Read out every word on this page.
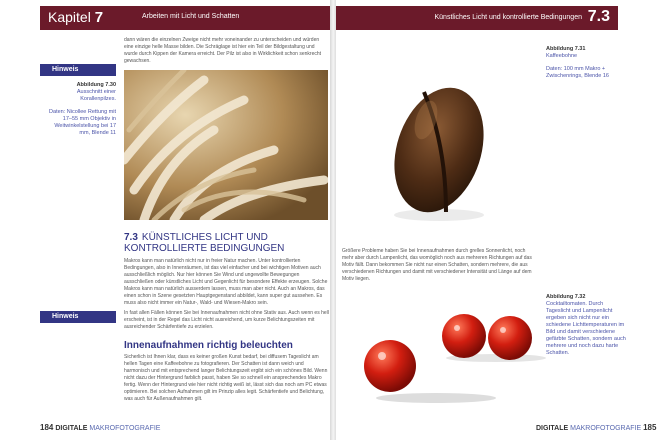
Kapitel 7	Arbeiten mit Licht und Schatten
dann wären die einzelnen Zweige nicht mehr voneinander zu unterscheiden und würden eine einzige helle Masse bilden. Die Schräglage ist hier ein Teil der Bildgestaltung und wurde durch Kippen der Kamera erreicht. Der Pilz ist also in Wirklichkeit schon senkrecht gewachsen.
Hinweis
Abbildung 7.30
Ausschnitt einer Korallenpilzes.
Daten: Nicollee Rettung mit 17–55 mm Objektiv in Weitwinkelstellung bei 17 mm, Blende 11
7.3 KÜNSTLICHES LICHT UND KONTROLLIERTE BEDINGUNGEN
Makros kann man natürlich nicht nur in freier Natur machen. Unter kontrollierten Bedingungen, also in Innenräumen, ist das viel einfacher und bei wichtigen Motiven auch ausschließlich möglich. Nur hier können Sie Wind und ungewollte Bewegungen ausschließen oder künstliches Licht und Gegenlicht für besondere Effekte erzeugen. Solche Makros kann man natürlich ausserdem lassen, muss man aber nicht. Auch an Makros, das einen schon in Szene gesetzten Hauptgegenstand abbildet, kann super gut aussehen. Es muss also nicht immer ein Natur-, Wald- und Wiesen-Makro sein.
Hinweis	In fast allen Fällen können Sie bei Innenaufnahmen nicht ohne Stativ aus. Auch wenn es hell erscheint, ist in der Regel das Licht nicht ausreichend, um kurze Belichtungszeiten mit ausreichender Schärfentiefe zu erzielen.
Innenaufnahmen richtig beleuchten
Sicherlich ist Ihnen klar, dass es keiner großen Kunst bedarf, bei diffusem Tageslicht am hellen Tagen eine Kaffeebohne zu fotografieren. Der Schatten ist dann weich und harmonisch und mit entsprechend langer Belichtungszeit ergibt sich ein schönes Bild. Wenn nicht dazu der Hintergrund farblich passt, haben Sie so schnell ein ansprechendes Makro fertig. Wenn der Hintergrund wie hier nicht richtig weiß ist, lässt sich das noch am PC etwas optimieren. Bei solchen Aufnahmen gilt im Prinzip alles legit. Schärfentiefe und Belichtung, was auch für Außenaufnahmen gilt.
184 DIGITALE MAKROFOTOGRAFIE
Künstliches Licht und kontrollierte Bedingungen 7.3
Abbildung 7.31
Kaffeebohne
Daten: 100 mm Makro + Zwischenrings, Blende 16
Größere Probleme haben Sie bei Innenaufnahmen durch grelles Sonnenlicht, noch mehr aber durch Lampenlicht, das womöglich noch aus mehreren Richtungen auf das Motiv fällt. Dann bekommen Sie nicht nur einen Schatten, sondern mehrere, die aus verschiedenen Richtungen und damit mit verschiedener Intensität und Länge auf dem Motiv liegen.
Abbildung 7.32
Cocktailtomaten. Durch Tageslicht und Lampenlicht ergeben sich nicht nur ein schiedene Lichttemperaturen im Bild und damit verschiedene gefärbte Schatten, sondern auch mehrere und noch dazu harte Schatten.
DIGITALE MAKROFOTOGRAFIE 185
